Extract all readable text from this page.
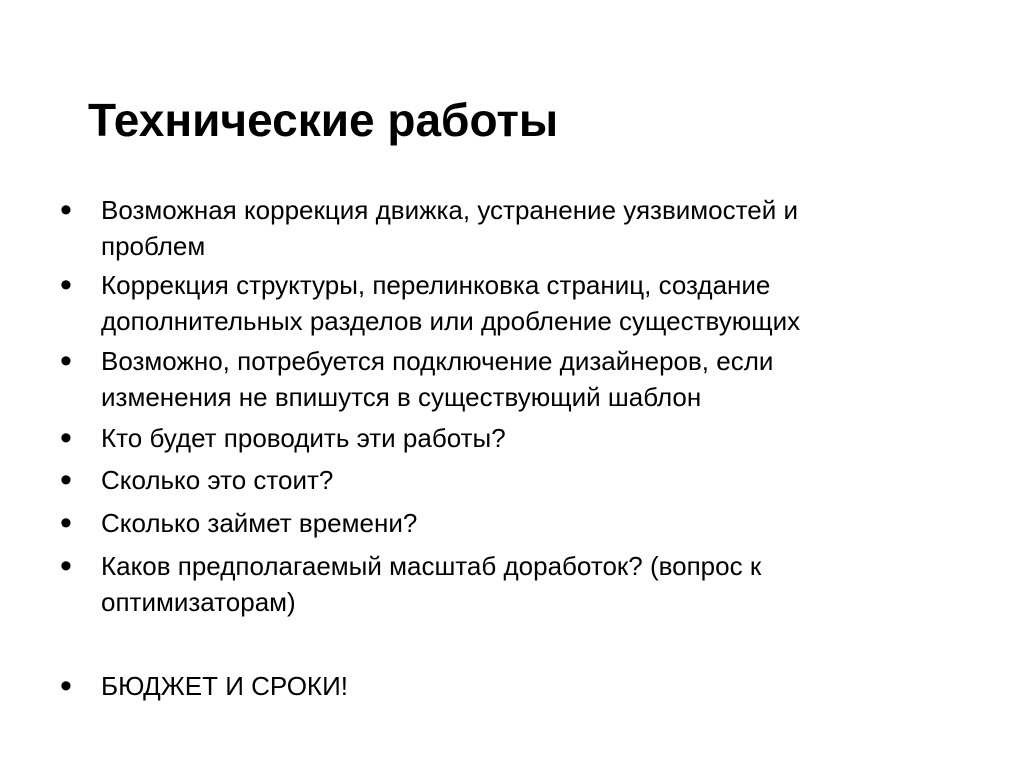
Технические работы
• Возможная коррекция движка, устранение уязвимостей и
проблем
• Коррекция структуры, перелинковка страниц, создание
дополнительных разделов или дробление существующих
• Возможно, потребуется подключение дизайнеров, если
изменения не впишутся в существующий шаблон
• Кто будет проводить эти работы?
• Сколько это стоит?
• Сколько займет времени?
• Каков предполагаемый масштаб доработок? (вопрос к
оптимизаторам)
• БЮДЖЕТ И СРОКИ!
